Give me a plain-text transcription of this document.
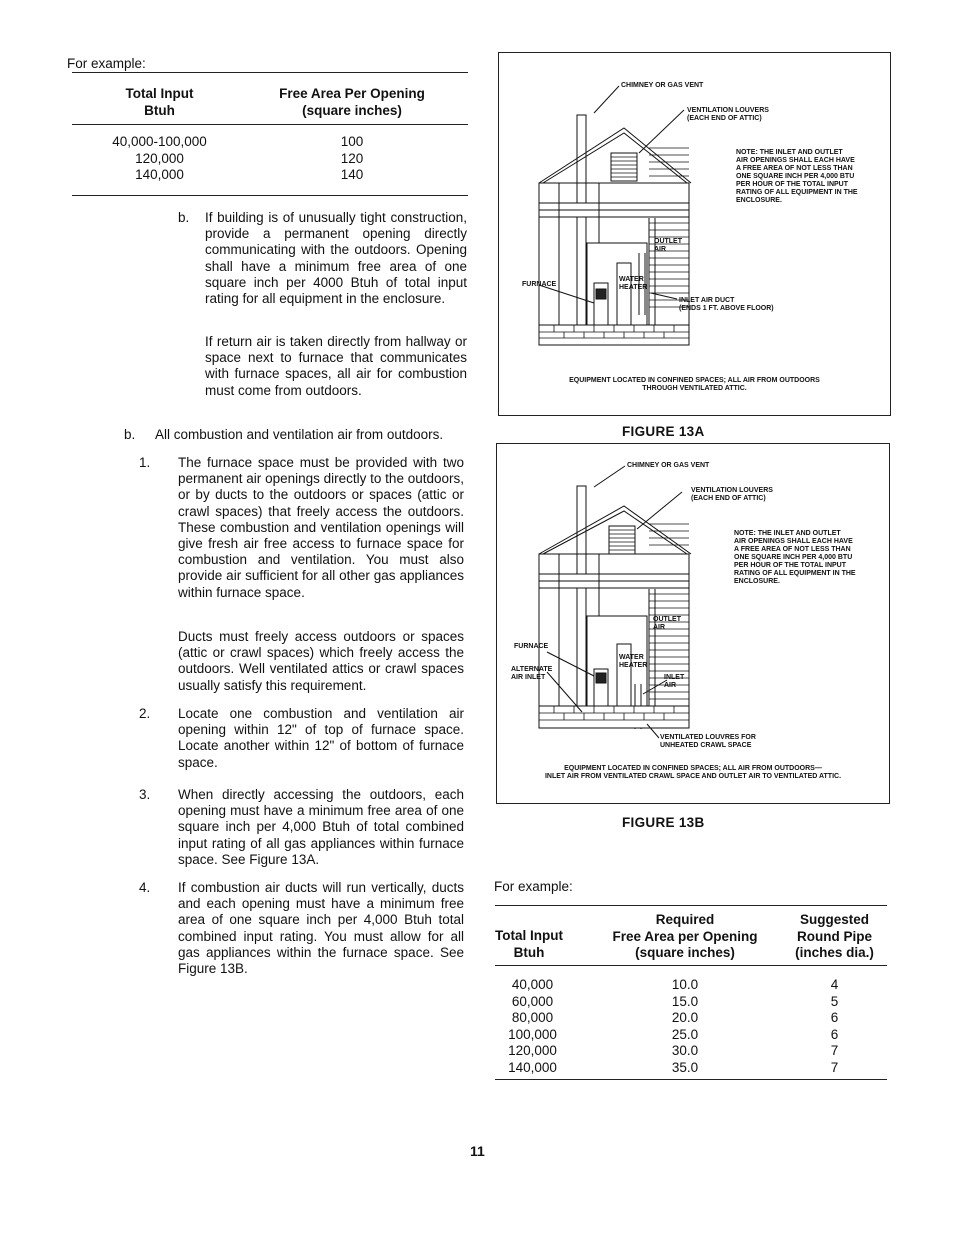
For example:
Total Input
Btuh
Free Area Per Opening
(square inches)
40,000-100,000
120,000
140,000
100
120
140
b. If building is of unusually tight construction, provide a permanent opening directly communicating with the outdoors. Opening shall have a minimum free area of one square inch per 4000 Btuh of total input rating for all equipment in the enclosure.
If return air is taken directly from hallway or space next to furnace that communicates with furnace spaces, all air for combustion must come from outdoors.
b. All combustion and ventilation air from outdoors.
1. The furnace space must be provided with two permanent air openings directly to the outdoors, or by ducts to the outdoors or spaces (attic or crawl spaces) that freely access the outdoors. These combustion and ventilation openings will give fresh air free access to furnace space for combustion and ventilation. You must also provide air sufficient for all other gas appliances within furnace space.
Ducts must freely access outdoors or spaces (attic or crawl spaces) which freely access the outdoors. Well ventilated attics or crawl spaces usually satisfy this requirement.
2. Locate one combustion and ventilation air opening within 12" of top of furnace space. Locate another within 12" of bottom of furnace space.
3. When directly accessing the outdoors, each opening must have a minimum free area of one square inch per 4,000 Btuh of total combined input rating of all gas appliances within furnace space. See Figure 13A.
4. If combustion air ducts will run vertically, ducts and each opening must have a minimum free area of one square inch per 4,000 Btuh total combined input rating. You must allow for all gas appliances within the furnace space. See Figure 13B.
CHIMNEY OR GAS VENT
VENTILATION LOUVERS
(EACH END OF ATTIC)
NOTE: THE INLET AND OUTLET
AIR OPENINGS SHALL EACH HAVE
A FREE AREA OF NOT LESS THAN
ONE SQUARE INCH PER 4,000 BTU
PER HOUR OF THE TOTAL INPUT
RATING OF ALL EQUIPMENT IN THE
ENCLOSURE.
OUTLET
AIR
FURNACE
WATER
HEATER
INLET AIR DUCT
(ENDS 1 FT. ABOVE FLOOR)
EQUIPMENT LOCATED IN CONFINED SPACES; ALL AIR FROM OUTDOORS
THROUGH VENTILATED ATTIC.
FIGURE 13A
CHIMNEY OR GAS VENT
VENTILATION LOUVERS
(EACH END OF ATTIC)
NOTE: THE INLET AND OUTLET
AIR OPENINGS SHALL EACH HAVE
A FREE AREA OF NOT LESS THAN
ONE SQUARE INCH PER 4,000 BTU
PER HOUR OF THE TOTAL INPUT
RATING OF ALL EQUIPMENT IN THE
ENCLOSURE.
OUTLET
AIR
FURNACE
WATER
HEATER
ALTERNATE
AIR INLET	INLET
AIR
VENTILATED LOUVRES FOR
UNHEATED CRAWL SPACE
EQUIPMENT LOCATED IN CONFINED SPACES; ALL AIR FROM OUTDOORS—
INLET AIR FROM VENTILATED CRAWL SPACE AND OUTLET AIR TO VENTILATED ATTIC.
FIGURE 13B
For example:
Total Input
Btuh
Required
Free Area per Opening
(square inches)
Suggested
Round Pipe
(inches dia.)
40,000
60,000
80,000
100,000
120,000
140,000
10.0
15.0
20.0
25.0
30.0
35.0
4
5
6
6
7
7
11
